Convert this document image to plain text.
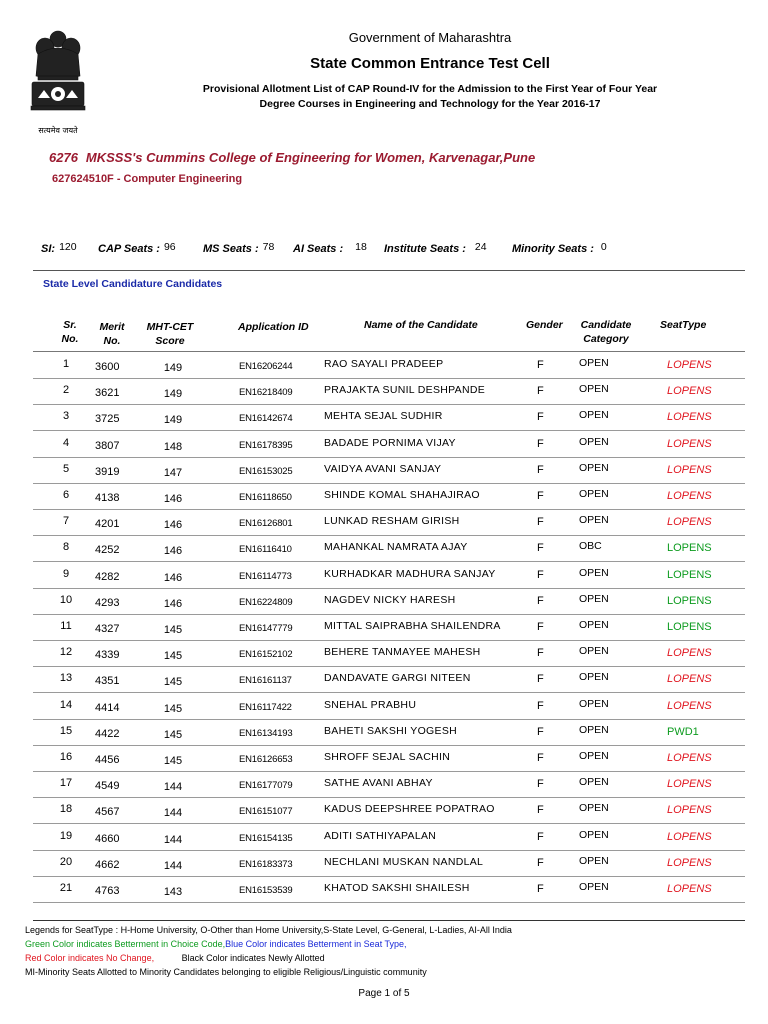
सत्यमेव जयते
Government of Maharashtra
State Common Entrance Test Cell
Provisional Allotment List of CAP Round-IV for the Admission to the First Year of Four Year
Degree Courses in Engineering and Technology for the Year 2016-17
6276 MKSSS's Cummins College of Engineering for Women, Karvenagar,Pune
627624510F - Computer Engineering
SI: 120 CAP Seats : 96 MS Seats : 78 AI Seats : 18 Institute Seats : 24 Minority Seats : 0
State Level Candidature Candidates
Sr.
No.
Merit
No.
MHT-CET
Score
Application ID	Name of the Candidate	Gender	Candidate
Category
SeatType
1	3600	149	EN16206244	RAO SAYALI PRADEEP	F	OPEN	LOPENS
2	3621	149	EN16218409	PRAJAKTA SUNIL DESHPANDE	F	OPEN	LOPENS
3	3725	149	EN16142674	MEHTA SEJAL SUDHIR	F	OPEN	LOPENS
4	3807	148	EN16178395	BADADE PORNIMA VIJAY	F	OPEN	LOPENS
5	3919	147	EN16153025	VAIDYA AVANI SANJAY	F	OPEN	LOPENS
6	4138	146	EN16118650	SHINDE KOMAL SHAHAJIRAO	F	OPEN	LOPENS
7	4201	146	EN16126801	LUNKAD RESHAM GIRISH	F	OPEN	LOPENS
8	4252	146	EN16116410	MAHANKAL NAMRATA AJAY	F	OBC	LOPENS
9	4282	146	EN16114773	KURHADKAR MADHURA SANJAY	F	OPEN	LOPENS
10	4293	146	EN16224809	NAGDEV NICKY HARESH	F	OPEN	LOPENS
11	4327	145	EN16147779	MITTAL SAIPRABHA SHAILENDRA	F	OPEN	LOPENS
12	4339	145	EN16152102	BEHERE TANMAYEE MAHESH	F	OPEN	LOPENS
13	4351	145	EN16161137	DANDAVATE GARGI NITEEN	F	OPEN	LOPENS
14	4414	145	EN16117422	SNEHAL PRABHU	F	OPEN	LOPENS
15	4422	145	EN16134193	BAHETI SAKSHI YOGESH	F	OPEN	PWD1
16	4456	145	EN16126653	SHROFF SEJAL SACHIN	F	OPEN	LOPENS
17	4549	144	EN16177079	SATHE AVANI ABHAY	F	OPEN	LOPENS
18	4567	144	EN16151077	KADUS DEEPSHREE POPATRAO	F	OPEN	LOPENS
19	4660	144	EN16154135	ADITI SATHIYAPALAN	F	OPEN	LOPENS
20	4662	144	EN16183373	NECHLANI MUSKAN NANDLAL	F	OPEN	LOPENS
21	4763	143	EN16153539	KHATOD SAKSHI SHAILESH	F	OPEN	LOPENS
Legends for SeatType : H-Home University, O-Other than Home University,S-State Level, G-General, L-Ladies, AI-All India
Green Color indicates Betterment in Choice Code,Blue Color indicates Betterment in Seat Type,
Red Color indicates No Change,	Black Color indicates Newly Allotted
MI-Minority Seats Allotted to Minority Candidates belonging to eligible Religious/Linguistic community
Page 1 of 5
